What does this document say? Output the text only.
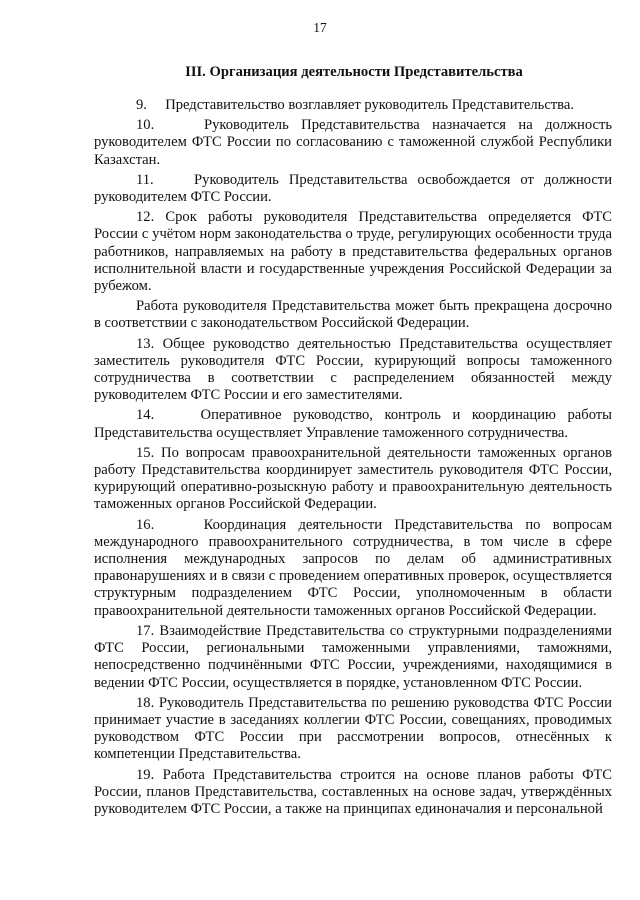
17
III. Организация деятельности Представительства

9.     Представительство возглавляет руководитель Представительства.

10.    Руководитель Представительства назначается на должность руководителем ФТС России по согласованию с таможенной службой Республики Казахстан.

11.    Руководитель Представительства освобождается от должности руководителем ФТС России.

12. Срок работы руководителя Представительства определяется ФТС России с учётом норм законодательства о труде, регулирующих особенности труда работников, направляемых на работу в представительства федеральных органов исполнительной власти и государственные учреждения Российской Федерации за рубежом.

Работа руководителя Представительства может быть прекращена досрочно в соответствии с законодательством Российской Федерации.

13. Общее руководство деятельностью Представительства осуществляет заместитель руководителя ФТС России, курирующий вопросы таможенного сотрудничества в соответствии с распределением обязанностей между руководителем ФТС России и его заместителями.

14.    Оперативное руководство, контроль и координацию работы Представительства осуществляет Управление таможенного сотрудничества.

15. По вопросам правоохранительной деятельности таможенных органов работу Представительства координирует заместитель руководителя ФТС России, курирующий оперативно-розыскную работу и правоохранительную деятельность таможенных органов Российской Федерации.

16.    Координация деятельности Представительства по вопросам международного правоохранительного сотрудничества, в том числе в сфере исполнения международных запросов по делам об административных правонарушениях и в связи с проведением оперативных проверок, осуществляется структурным подразделением ФТС России, уполномоченным в области правоохранительной деятельности таможенных органов Российской Федерации.

17. Взаимодействие Представительства со структурными подразделениями ФТС России, региональными таможенными управлениями, таможнями, непосредственно подчинёнными ФТС России, учреждениями, находящимися в ведении ФТС России, осуществляется в порядке, установленном ФТС России.

18. Руководитель Представительства по решению руководства ФТС России принимает участие в заседаниях коллегии ФТС России, совещаниях, проводимых руководством ФТС России при рассмотрении вопросов, отнесённых к компетенции Представительства.

19. Работа Представительства строится на основе планов работы ФТС России, планов Представительства, составленных на основе задач, утверждённых руководителем ФТС России, а также на принципах единоначалия и персональной
